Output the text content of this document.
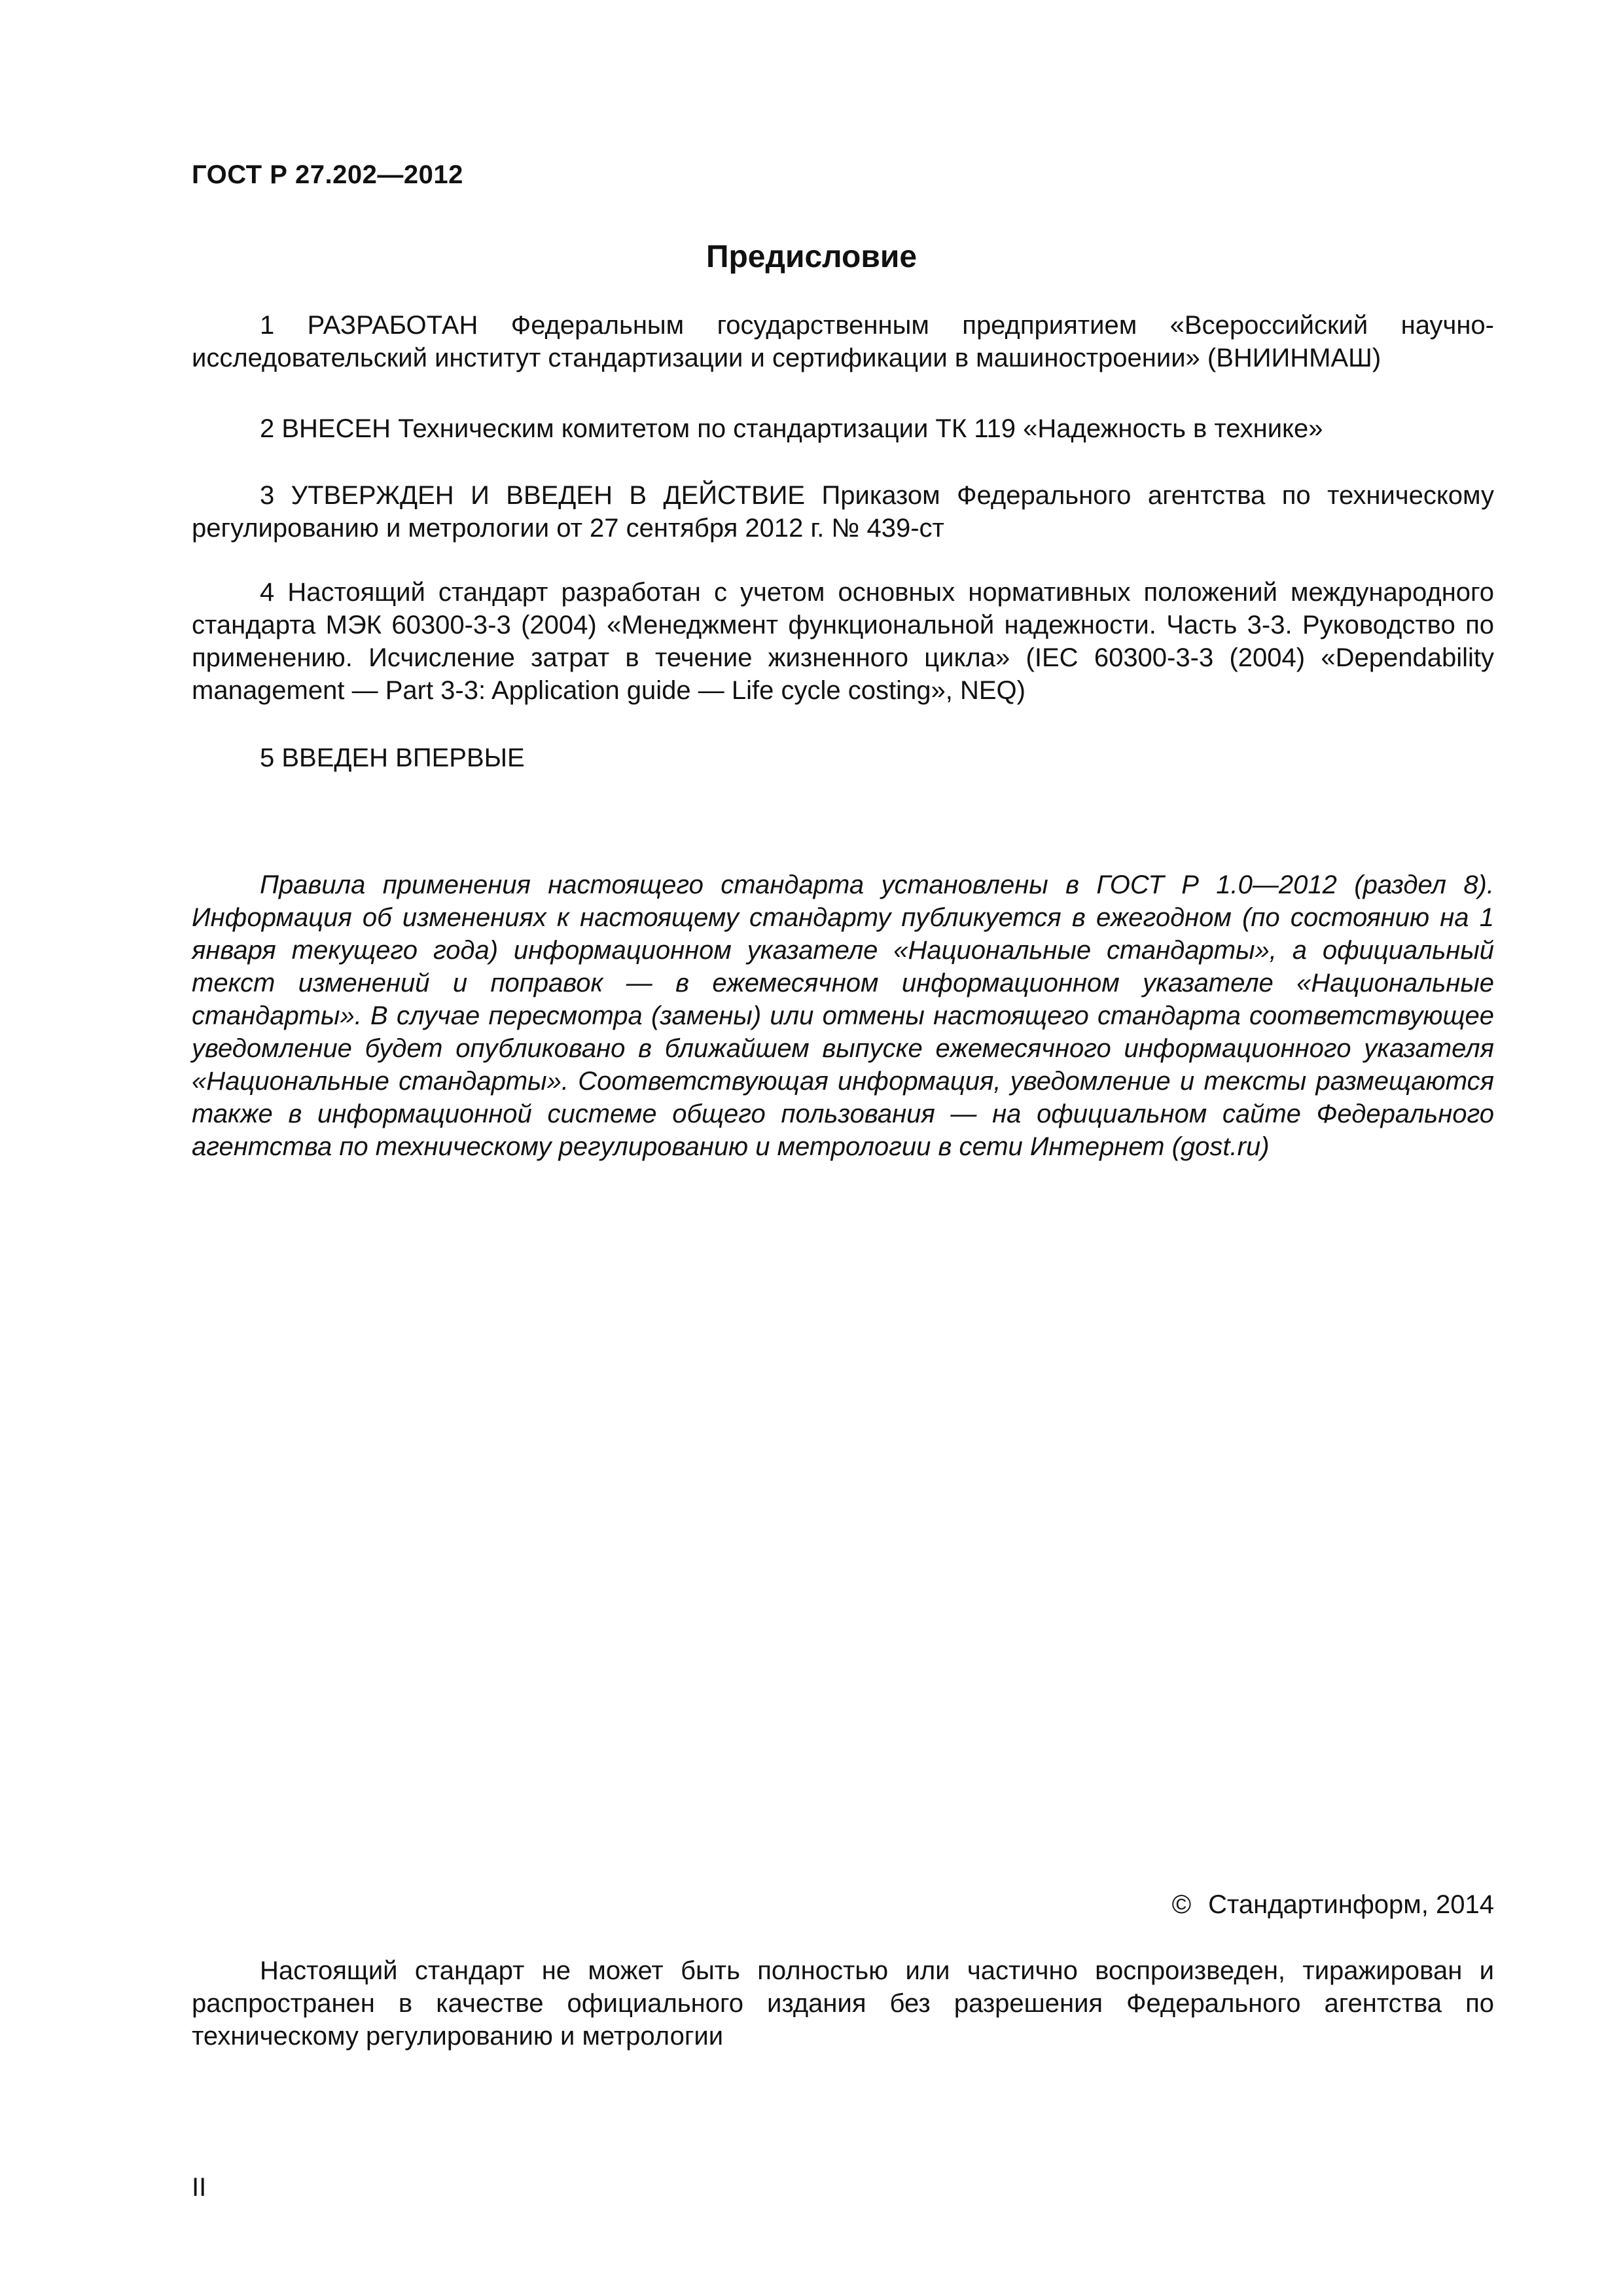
ГОСТ Р 27.202—2012
Предисловие

1 РАЗРАБОТАН Федеральным государственным предприятием «Всероссийский научно-исследовательский институт стандартизации и сертификации в машиностроении» (ВНИИНМАШ)

2 ВНЕСЕН Техническим комитетом по стандартизации ТК 119 «Надежность в технике»

3 УТВЕРЖДЕН И ВВЕДЕН В ДЕЙСТВИЕ Приказом Федерального агентства по техническому регулированию и метрологии от 27 сентября 2012 г. № 439-ст

4 Настоящий стандарт разработан с учетом основных нормативных положений международного стандарта МЭК 60300-3-3 (2004) «Менеджмент функциональной надежности. Часть 3-3. Руководство по применению. Исчисление затрат в течение жизненного цикла» (IEC 60300-3-3 (2004) «Dependability management — Part 3-3: Application guide — Life cycle costing», NEQ)

5 ВВЕДЕН ВПЕРВЫЕ

Правила применения настоящего стандарта установлены в ГОСТ Р 1.0—2012 (раздел 8). Информация об изменениях к настоящему стандарту публикуется в ежегодном (по состоянию на 1 января текущего года) информационном указателе «Национальные стандарты», а официальный текст изменений и поправок — в ежемесячном информационном указателе «Национальные стандарты». В случае пересмотра (замены) или отмены настоящего стандарта соответствующее уведомление будет опубликовано в ближайшем выпуске ежемесячного информационного указателя «Национальные стандарты». Соответствующая информация, уведомление и тексты размещаются также в информационной системе общего пользования — на официальном сайте Федерального агентства по техническому регулированию и метрологии в сети Интернет (gost.ru)

© Стандартинформ, 2014

Настоящий стандарт не может быть полностью или частично воспроизведен, тиражирован и распространен в качестве официального издания без разрешения Федерального агентства по техническому регулированию и метрологии

II
